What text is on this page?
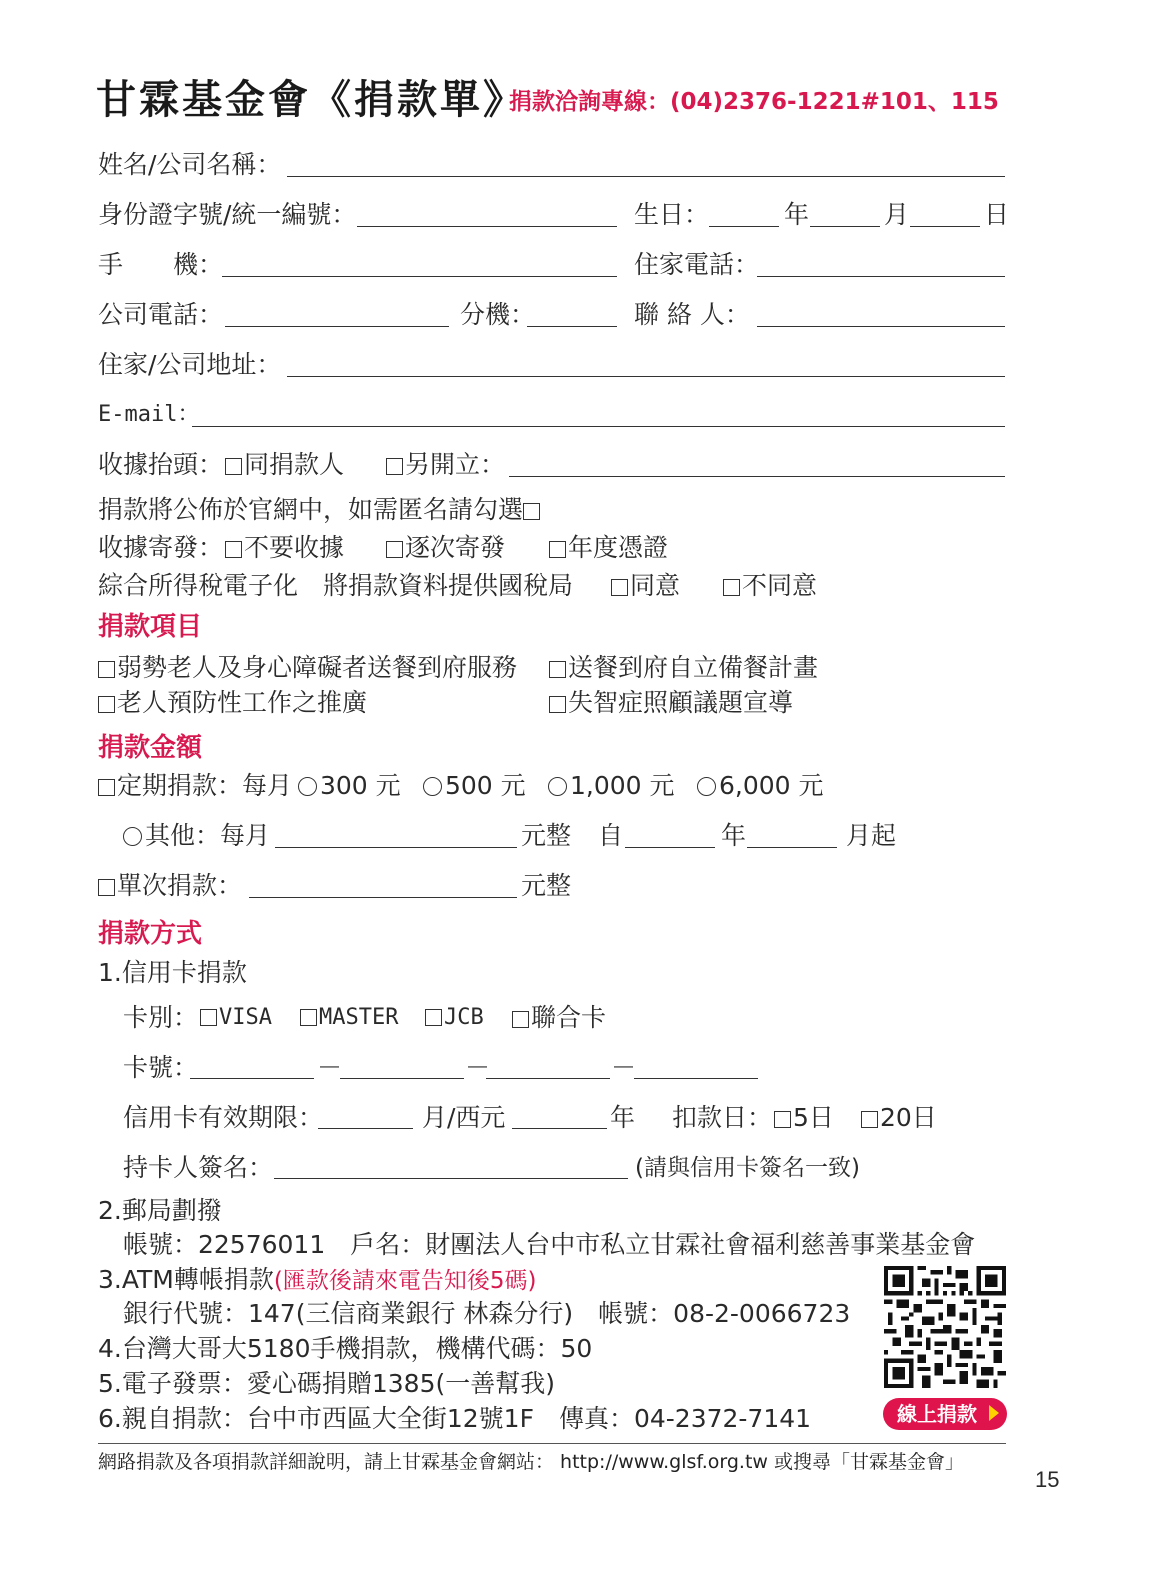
甘霖基金會《捐款單》
捐款洽詢專線：(04)2376-1221#101、115
姓名/公司名稱：
身份證字號/統一編號：	生日：	年	月	日
手 機：	住家電話：
公司電話：	分機：	聯 絡 人：
住家/公司地址：
E-mail：
收據抬頭： 同捐款人	另開立：
捐款將公佈於官網中，如需匿名請勾選
收據寄發： 不要收據	逐次寄發	年度憑證
綜合所得稅電子化　將捐款資料提供國稅局	同意	不同意
捐款項目
弱勢老人及身心障礙者送餐到府服務	送餐到府自立備餐計畫
老人預防性工作之推廣	失智症照顧議題宣導
捐款金額
定期捐款：每月	300 元	500 元	1,000 元	6,000 元
其他：每月	元整 自	年	月起
單次捐款：	元整
捐款方式
1.信用卡捐款
卡別： VISA	MASTER	JCB	聯合卡
卡號：	－	－	－
信用卡有效期限：	月/西元	年 扣款日： 5日	20日
持卡人簽名：	(請與信用卡簽名一致)
2.郵局劃撥
帳號：22576011　戶名：財團法人台中市私立甘霖社會福利慈善事業基金會
3.ATM轉帳捐款(匯款後請來電告知後5碼)
銀行代號：147(三信商業銀行 林森分行)　帳號：08-2-0066723
4.台灣大哥大5180手機捐款，機構代碼：50
5.電子發票：愛心碼捐贈1385(一善幫我)
6.親自捐款：台中市西區大全街12號1F　傳真：04-2372-7141	線上捐款
網路捐款及各項捐款詳細說明，請上甘霖基金會網站： http://www.glsf.org.tw 或搜尋「甘霖基金會」
15
